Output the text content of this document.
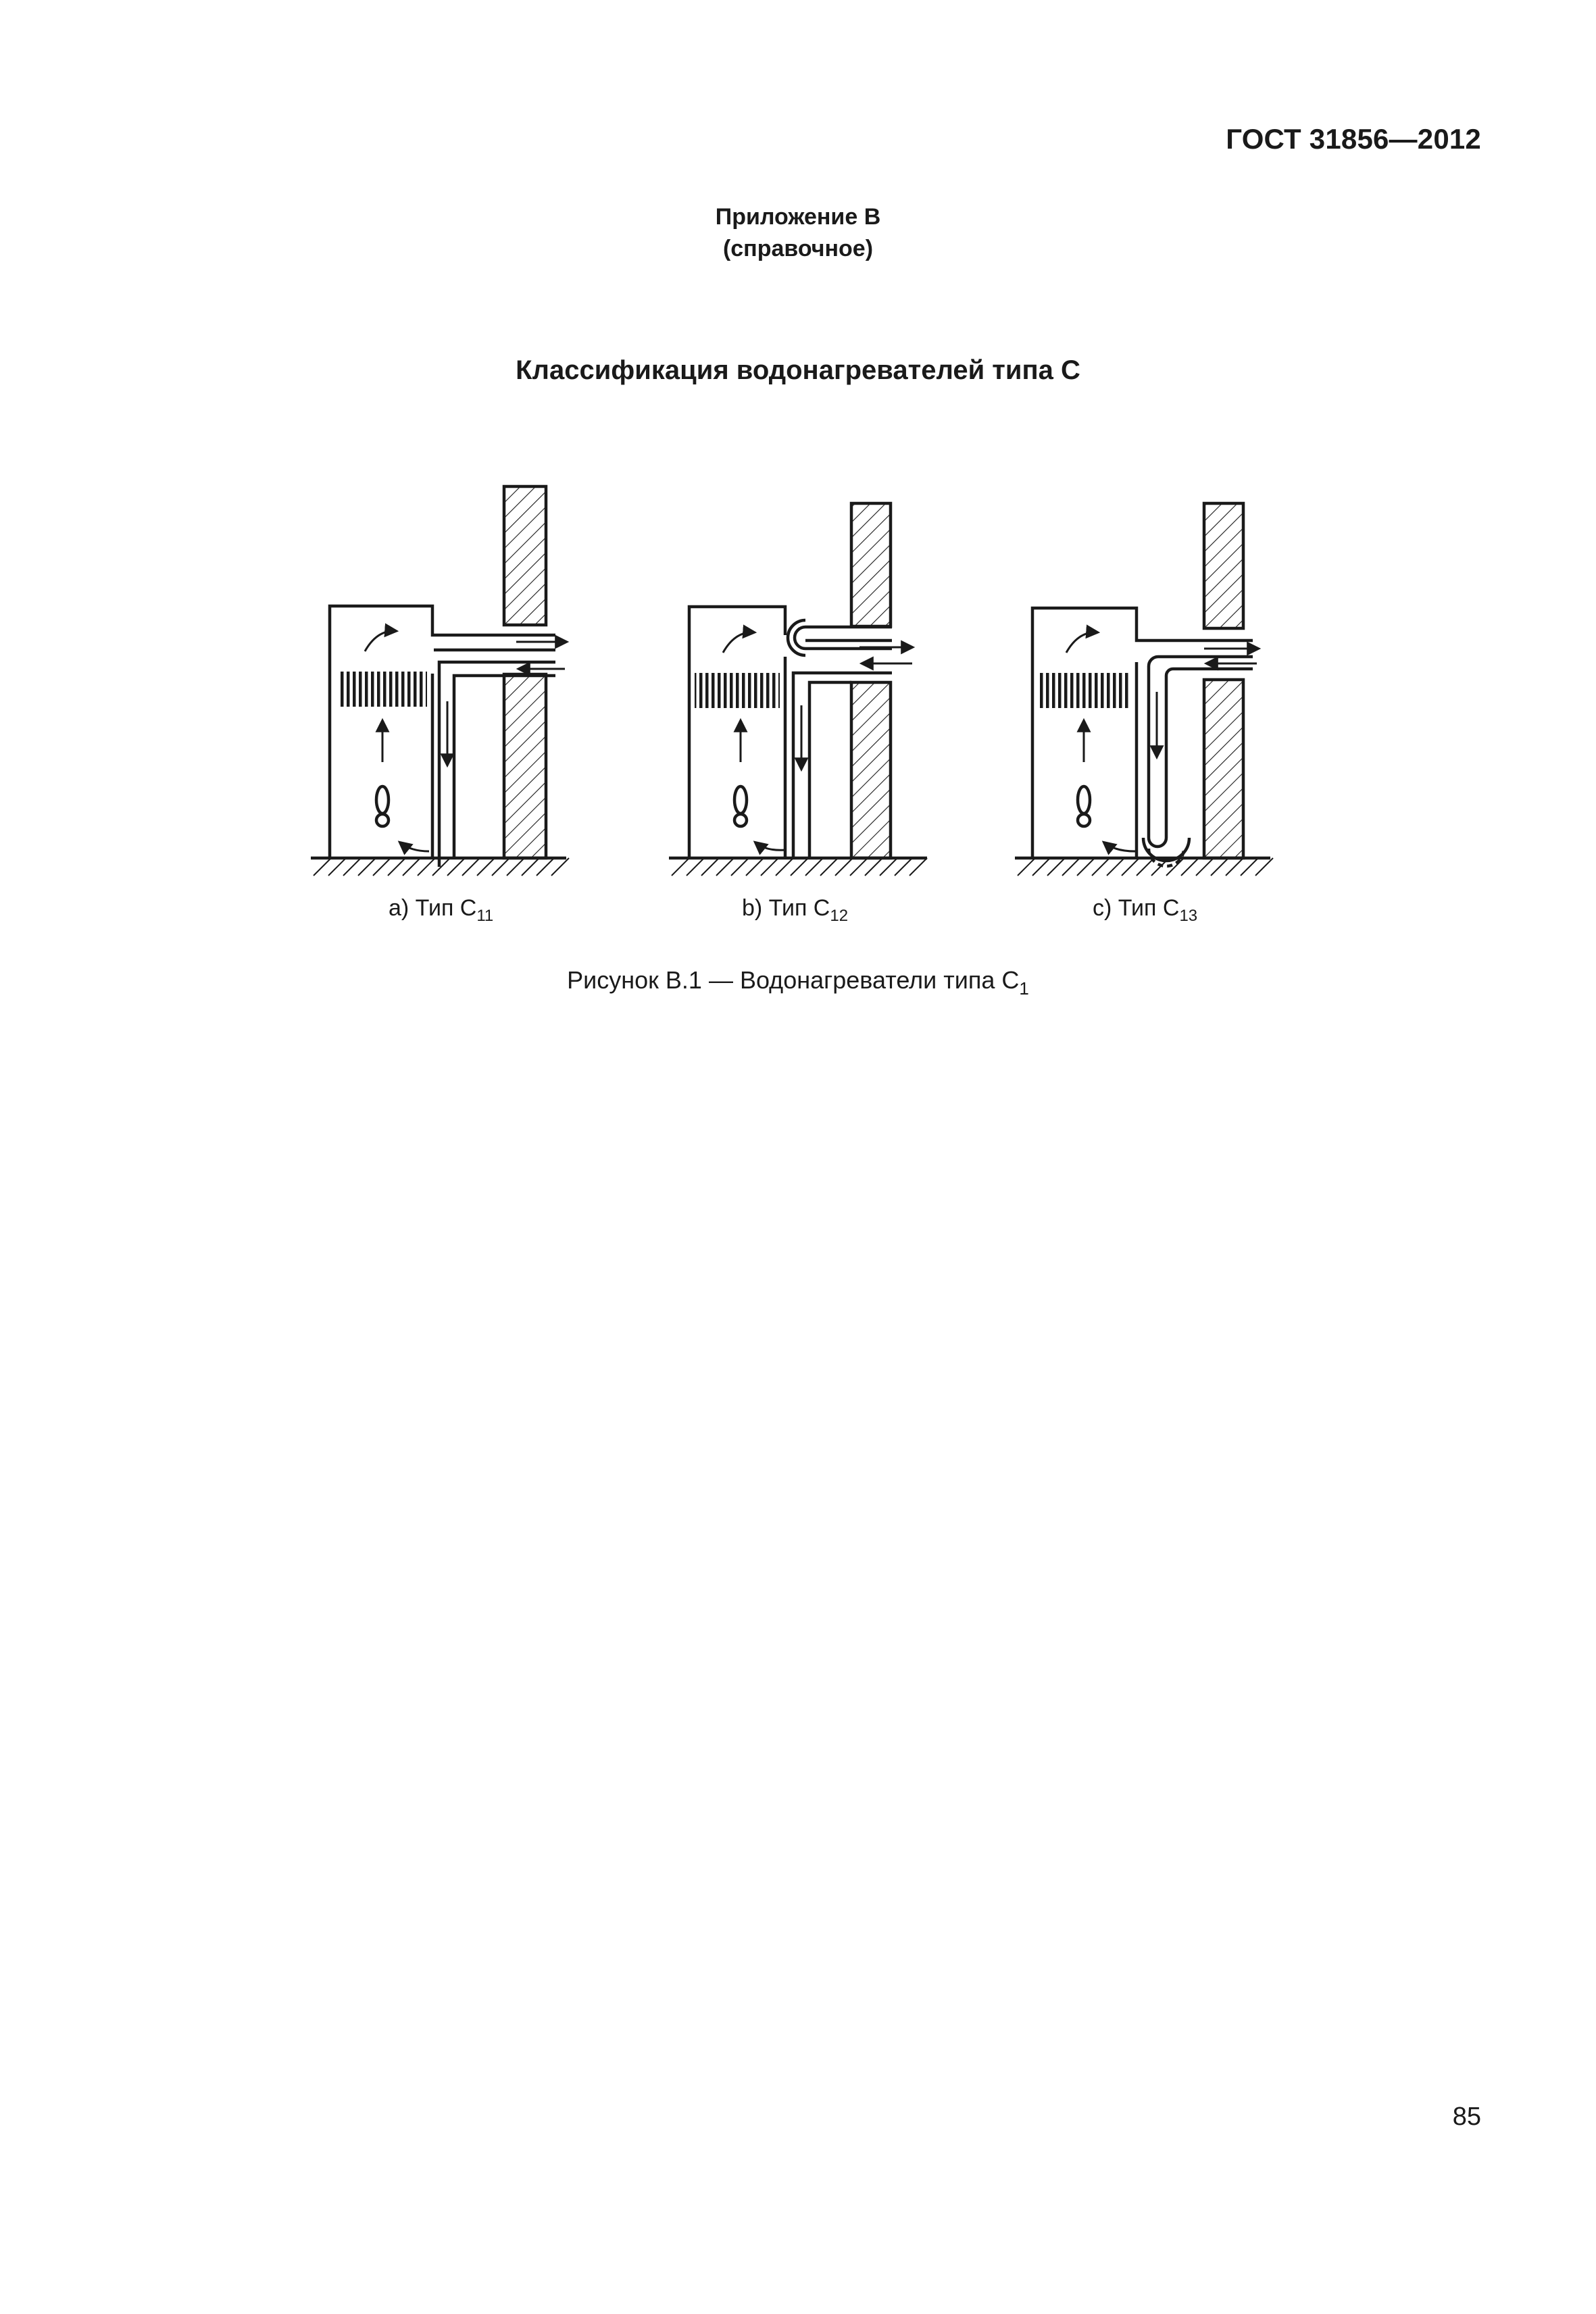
ГОСТ 31856—2012
Приложение В
(справочное)
Классификация водонагревателей типа С
а) Тип $С_{11}$	b) Тип $С_{12}$	с) Тип $С_{13}$
Рисунок В.1 — Водонагреватели типа $С_1$
85
